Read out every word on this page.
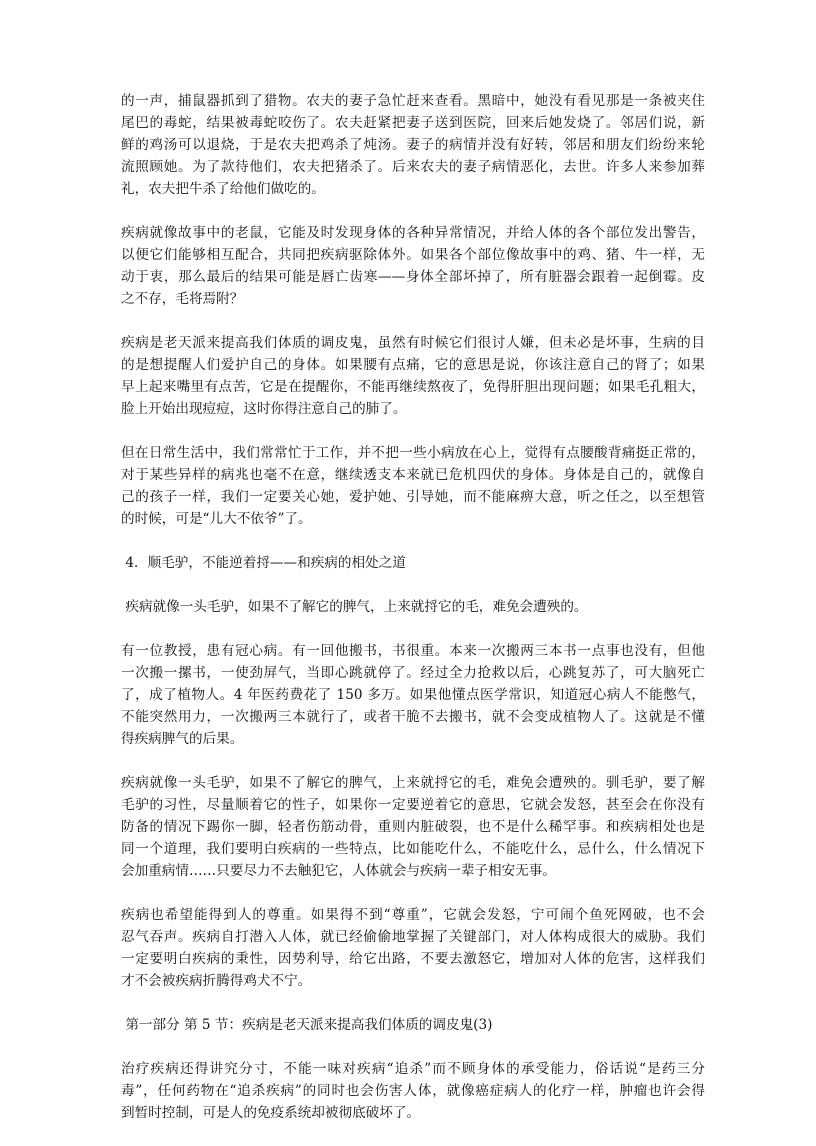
的一声，捕鼠器抓到了猎物。农夫的妻子急忙赶来查看。黑暗中，她没有看见那是一条被夹住
尾巴的毒蛇，结果被毒蛇咬伤了。农夫赶紧把妻子送到医院，回来后她发烧了。邻居们说，新
鲜的鸡汤可以退烧，于是农夫把鸡杀了炖汤。妻子的病情并没有好转，邻居和朋友们纷纷来轮
流照顾她。为了款待他们，农夫把猪杀了。后来农夫的妻子病情恶化，去世。许多人来参加葬
礼，农夫把牛杀了给他们做吃的。
疾病就像故事中的老鼠，它能及时发现身体的各种异常情况，并给人体的各个部位发出警告，
以便它们能够相互配合，共同把疾病驱除体外。如果各个部位像故事中的鸡、猪、牛一样，无
动于衷，那么最后的结果可能是唇亡齿寒——身体全部坏掉了，所有脏器会跟着一起倒霉。皮
之不存，毛将焉附？
疾病是老天派来提高我们体质的调皮鬼，虽然有时候它们很讨人嫌，但未必是坏事，生病的目
的是想提醒人们爱护自己的身体。如果腰有点痛，它的意思是说，你该注意自己的肾了；如果
早上起来嘴里有点苦，它是在提醒你，不能再继续熬夜了，免得肝胆出现问题；如果毛孔粗大，
脸上开始出现痘痘，这时你得注意自己的肺了。
但在日常生活中，我们常常忙于工作，并不把一些小病放在心上，觉得有点腰酸背痛挺正常的，
对于某些异样的病兆也毫不在意，继续透支本来就已危机四伏的身体。身体是自己的，就像自
己的孩子一样，我们一定要关心她，爱护她、引导她，而不能麻痹大意，听之任之，以至想管
的时候，可是“儿大不依爷”了。
4．顺毛驴，不能逆着捋——和疾病的相处之道
疾病就像一头毛驴，如果不了解它的脾气，上来就捋它的毛，难免会遭殃的。
有一位教授，患有冠心病。有一回他搬书，书很重。本来一次搬两三本书一点事也没有，但他
一次搬一摞书，一使劲屏气，当即心跳就停了。经过全力抢救以后，心跳复苏了，可大脑死亡
了，成了植物人。4 年医药费花了 150 多万。如果他懂点医学常识，知道冠心病人不能憋气，
不能突然用力，一次搬两三本就行了，或者干脆不去搬书，就不会变成植物人了。这就是不懂
得疾病脾气的后果。
疾病就像一头毛驴，如果不了解它的脾气，上来就捋它的毛，难免会遭殃的。驯毛驴，要了解
毛驴的习性，尽量顺着它的性子，如果你一定要逆着它的意思，它就会发怒，甚至会在你没有
防备的情况下踢你一脚，轻者伤筋动骨，重则内脏破裂，也不是什么稀罕事。和疾病相处也是
同一个道理，我们要明白疾病的一些特点，比如能吃什么，不能吃什么，忌什么，什么情况下
会加重病情……只要尽力不去触犯它，人体就会与疾病一辈子相安无事。
疾病也希望能得到人的尊重。如果得不到“尊重”，它就会发怒，宁可闹个鱼死网破，也不会
忍气吞声。疾病自打潜入人体，就已经偷偷地掌握了关键部门，对人体构成很大的威胁。我们
一定要明白疾病的秉性，因势利导，给它出路，不要去激怒它，增加对人体的危害，这样我们
才不会被疾病折腾得鸡犬不宁。
第一部分 第 5 节：疾病是老天派来提高我们体质的调皮鬼(3)
治疗疾病还得讲究分寸，不能一味对疾病“追杀”而不顾身体的承受能力，俗话说“是药三分
毒”，任何药物在“追杀疾病”的同时也会伤害人体，就像癌症病人的化疗一样，肿瘤也许会得
到暂时控制，可是人的免疫系统却被彻底破坏了。
